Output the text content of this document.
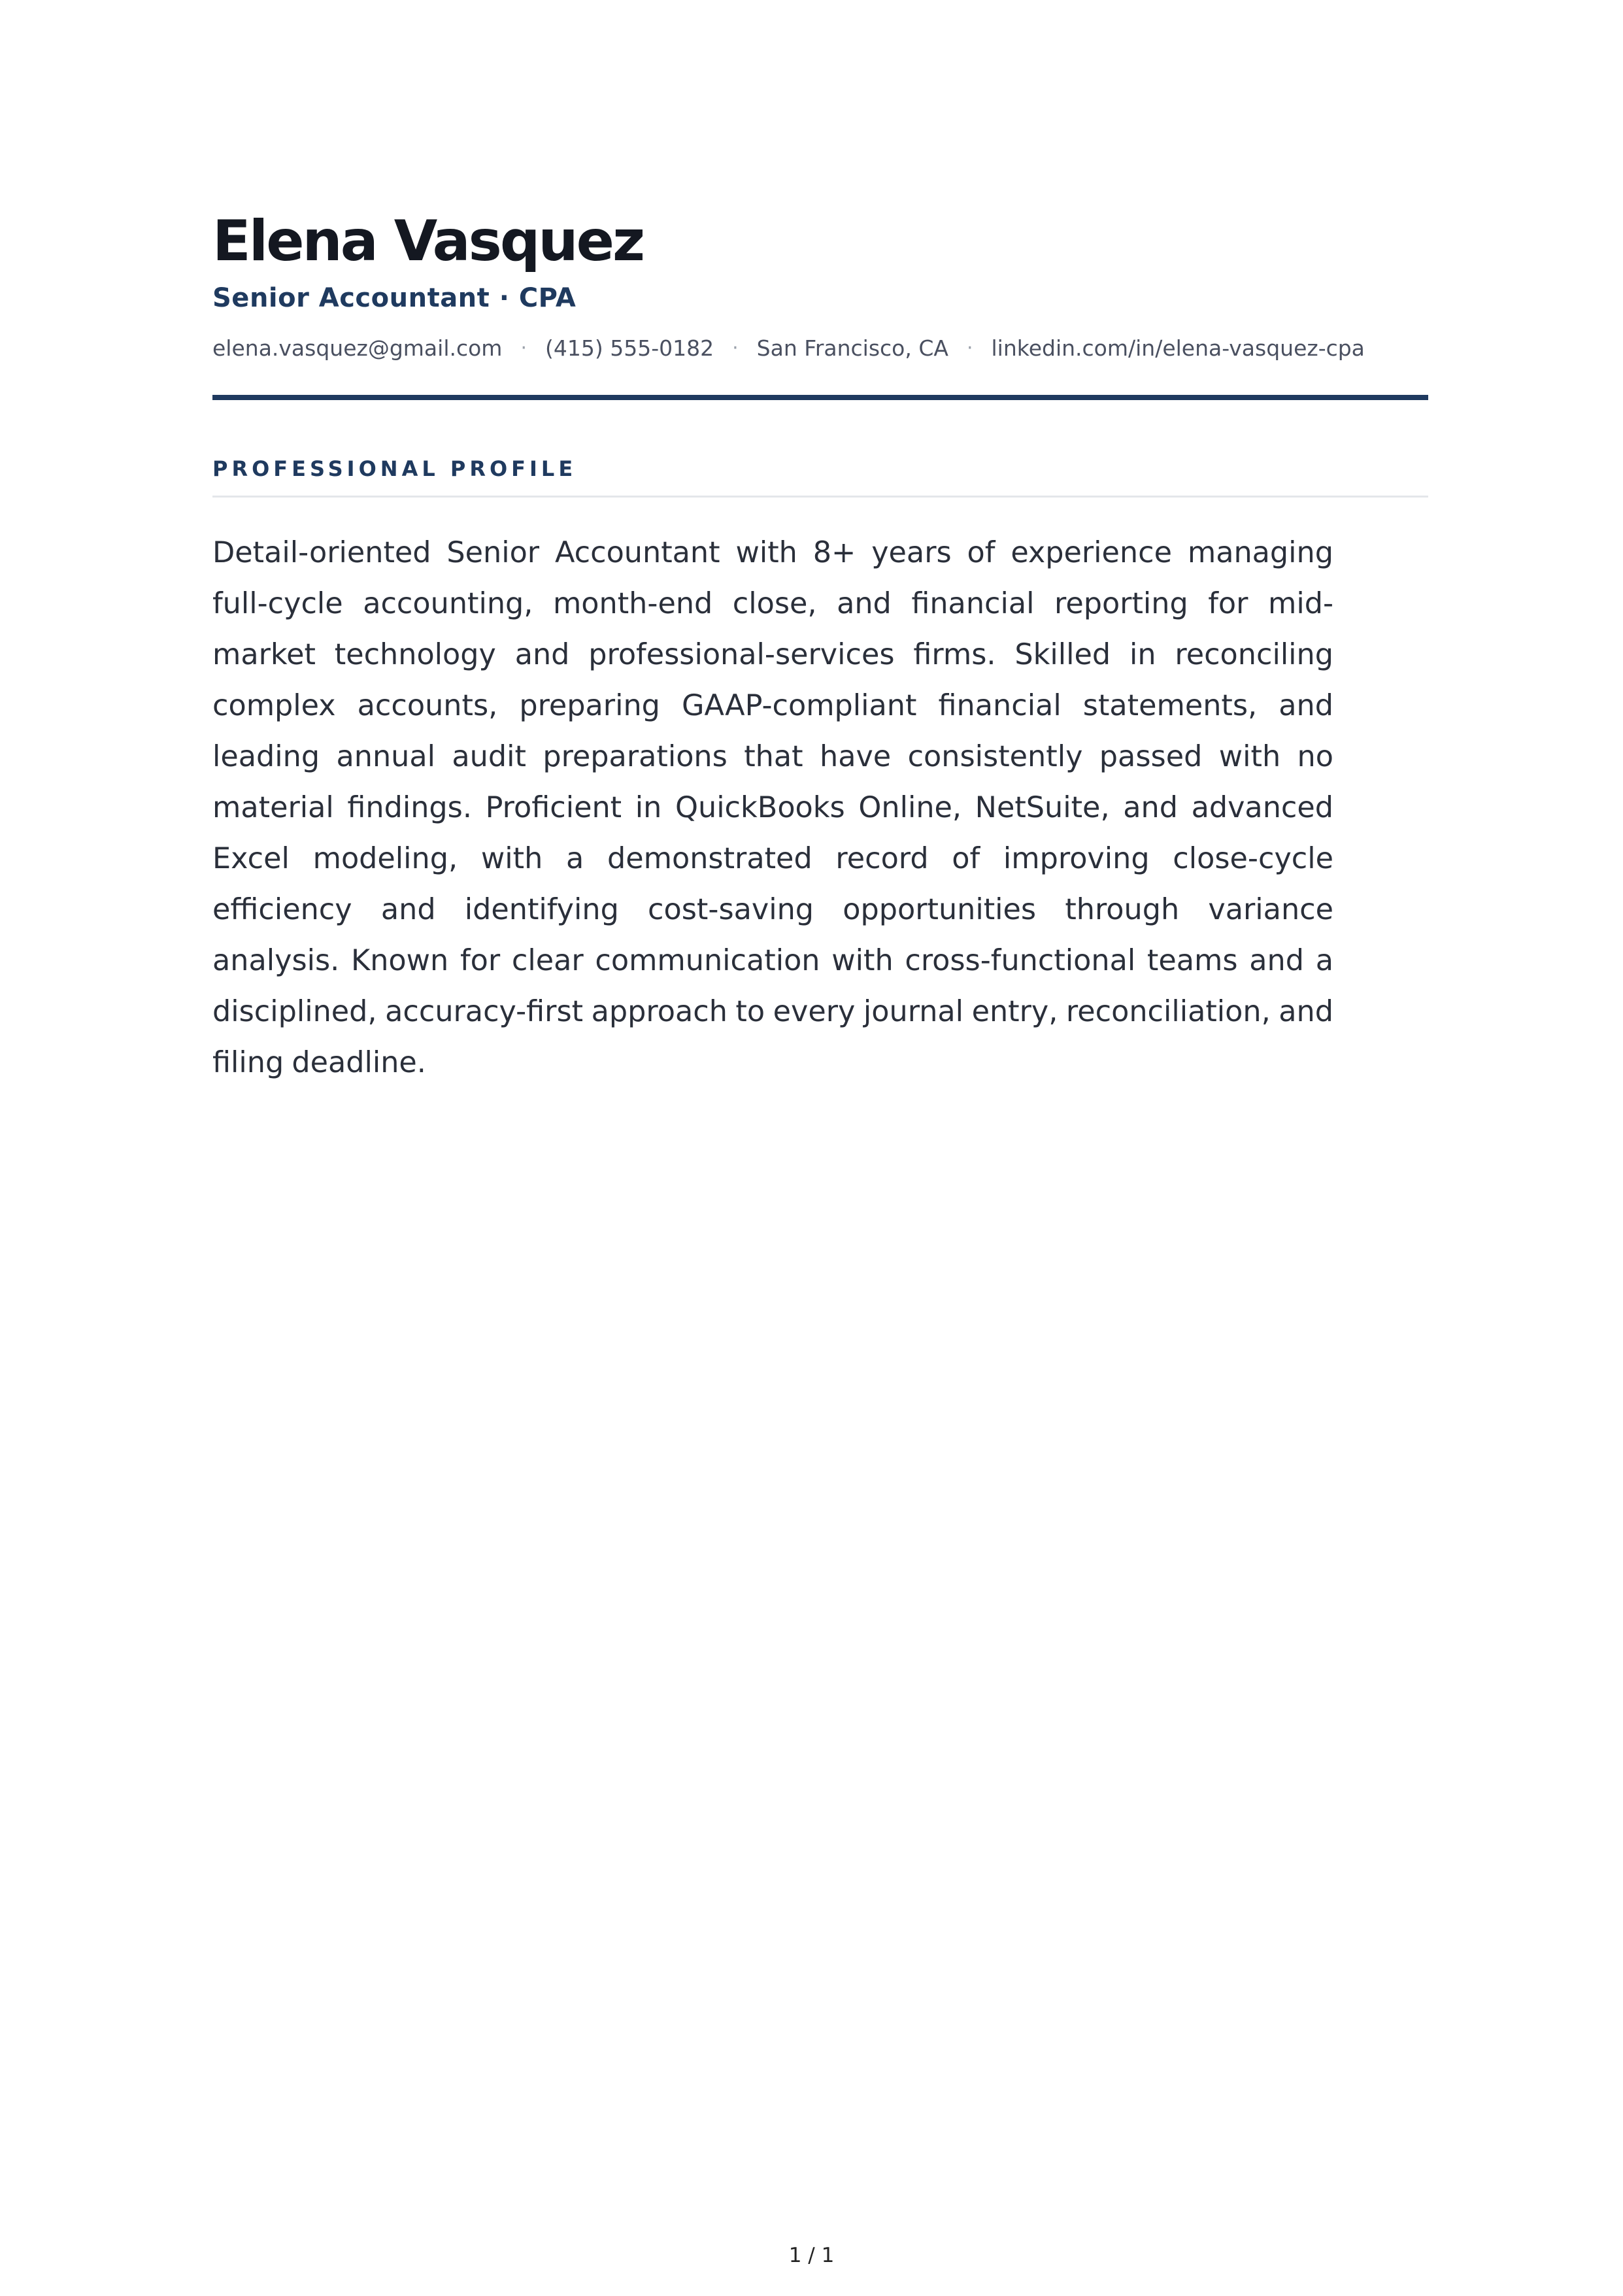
Elena Vasquez
Senior Accountant · CPA
elena.vasquez@gmail.com · (415) 555-0182 · San Francisco, CA · linkedin.com/in/elena-vasquez-cpa
PROFESSIONAL PROFILE

Detail-oriented Senior Accountant with 8+ years of experience managing full-cycle accounting, month-end close, and financial reporting for mid-market technology and professional-services firms. Skilled in reconciling complex accounts, preparing GAAP-compliant financial statements, and leading annual audit preparations that have consistently passed with no material findings. Proficient in QuickBooks Online, NetSuite, and advanced Excel modeling, with a demonstrated record of improving close-cycle efficiency and identifying cost-saving opportunities through variance analysis. Known for clear communication with cross-functional teams and a disciplined, accuracy-first approach to every journal entry, reconciliation, and filing deadline.

1 / 1
